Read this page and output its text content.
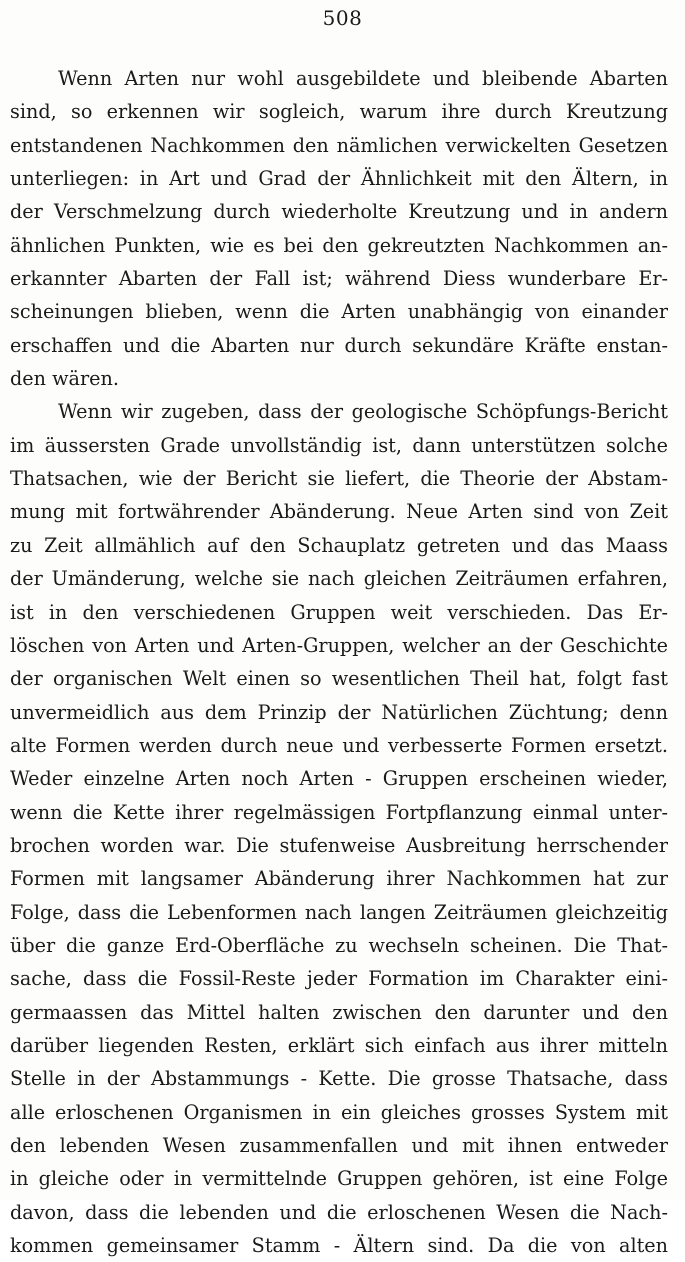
508
Wenn Arten nur wohl ausgebildete und bleibende Abarten
sind, so erkennen wir sogleich, warum ihre durch Kreutzung
entstandenen Nachkommen den nämlichen verwickelten Gesetzen
unterliegen: in Art und Grad der Ähnlichkeit mit den Ältern, in
der Verschmelzung durch wiederholte Kreutzung und in andern
ähnlichen Punkten, wie es bei den gekreutzten Nachkommen an-
erkannter Abarten der Fall ist; während Diess wunderbare Er-
scheinungen blieben, wenn die Arten unabhängig von einander
erschaffen und die Abarten nur durch sekundäre Kräfte enstan-
den wären.
Wenn wir zugeben, dass der geologische Schöpfungs-Bericht
im äussersten Grade unvollständig ist, dann unterstützen solche
Thatsachen, wie der Bericht sie liefert, die Theorie der Abstam-
mung mit fortwährender Abänderung. Neue Arten sind von Zeit
zu Zeit allmählich auf den Schauplatz getreten und das Maass
der Umänderung, welche sie nach gleichen Zeiträumen erfahren,
ist in den verschiedenen Gruppen weit verschieden. Das Er-
löschen von Arten und Arten-Gruppen, welcher an der Geschichte
der organischen Welt einen so wesentlichen Theil hat, folgt fast
unvermeidlich aus dem Prinzip der Natürlichen Züchtung; denn
alte Formen werden durch neue und verbesserte Formen ersetzt.
Weder einzelne Arten noch Arten - Gruppen erscheinen wieder,
wenn die Kette ihrer regelmässigen Fortpflanzung einmal unter-
brochen worden war. Die stufenweise Ausbreitung herrschender
Formen mit langsamer Abänderung ihrer Nachkommen hat zur
Folge, dass die Lebenformen nach langen Zeiträumen gleichzeitig
über die ganze Erd-Oberfläche zu wechseln scheinen. Die That-
sache, dass die Fossil-Reste jeder Formation im Charakter eini-
germaassen das Mittel halten zwischen den darunter und den
darüber liegenden Resten, erklärt sich einfach aus ihrer mitteln
Stelle in der Abstammungs - Kette. Die grosse Thatsache, dass
alle erloschenen Organismen in ein gleiches grosses System mit
den lebenden Wesen zusammenfallen und mit ihnen entweder
in gleiche oder in vermittelnde Gruppen gehören, ist eine Folge
davon, dass die lebenden und die erloschenen Wesen die Nach-
kommen gemeinsamer Stamm - Ältern sind. Da die von alten
